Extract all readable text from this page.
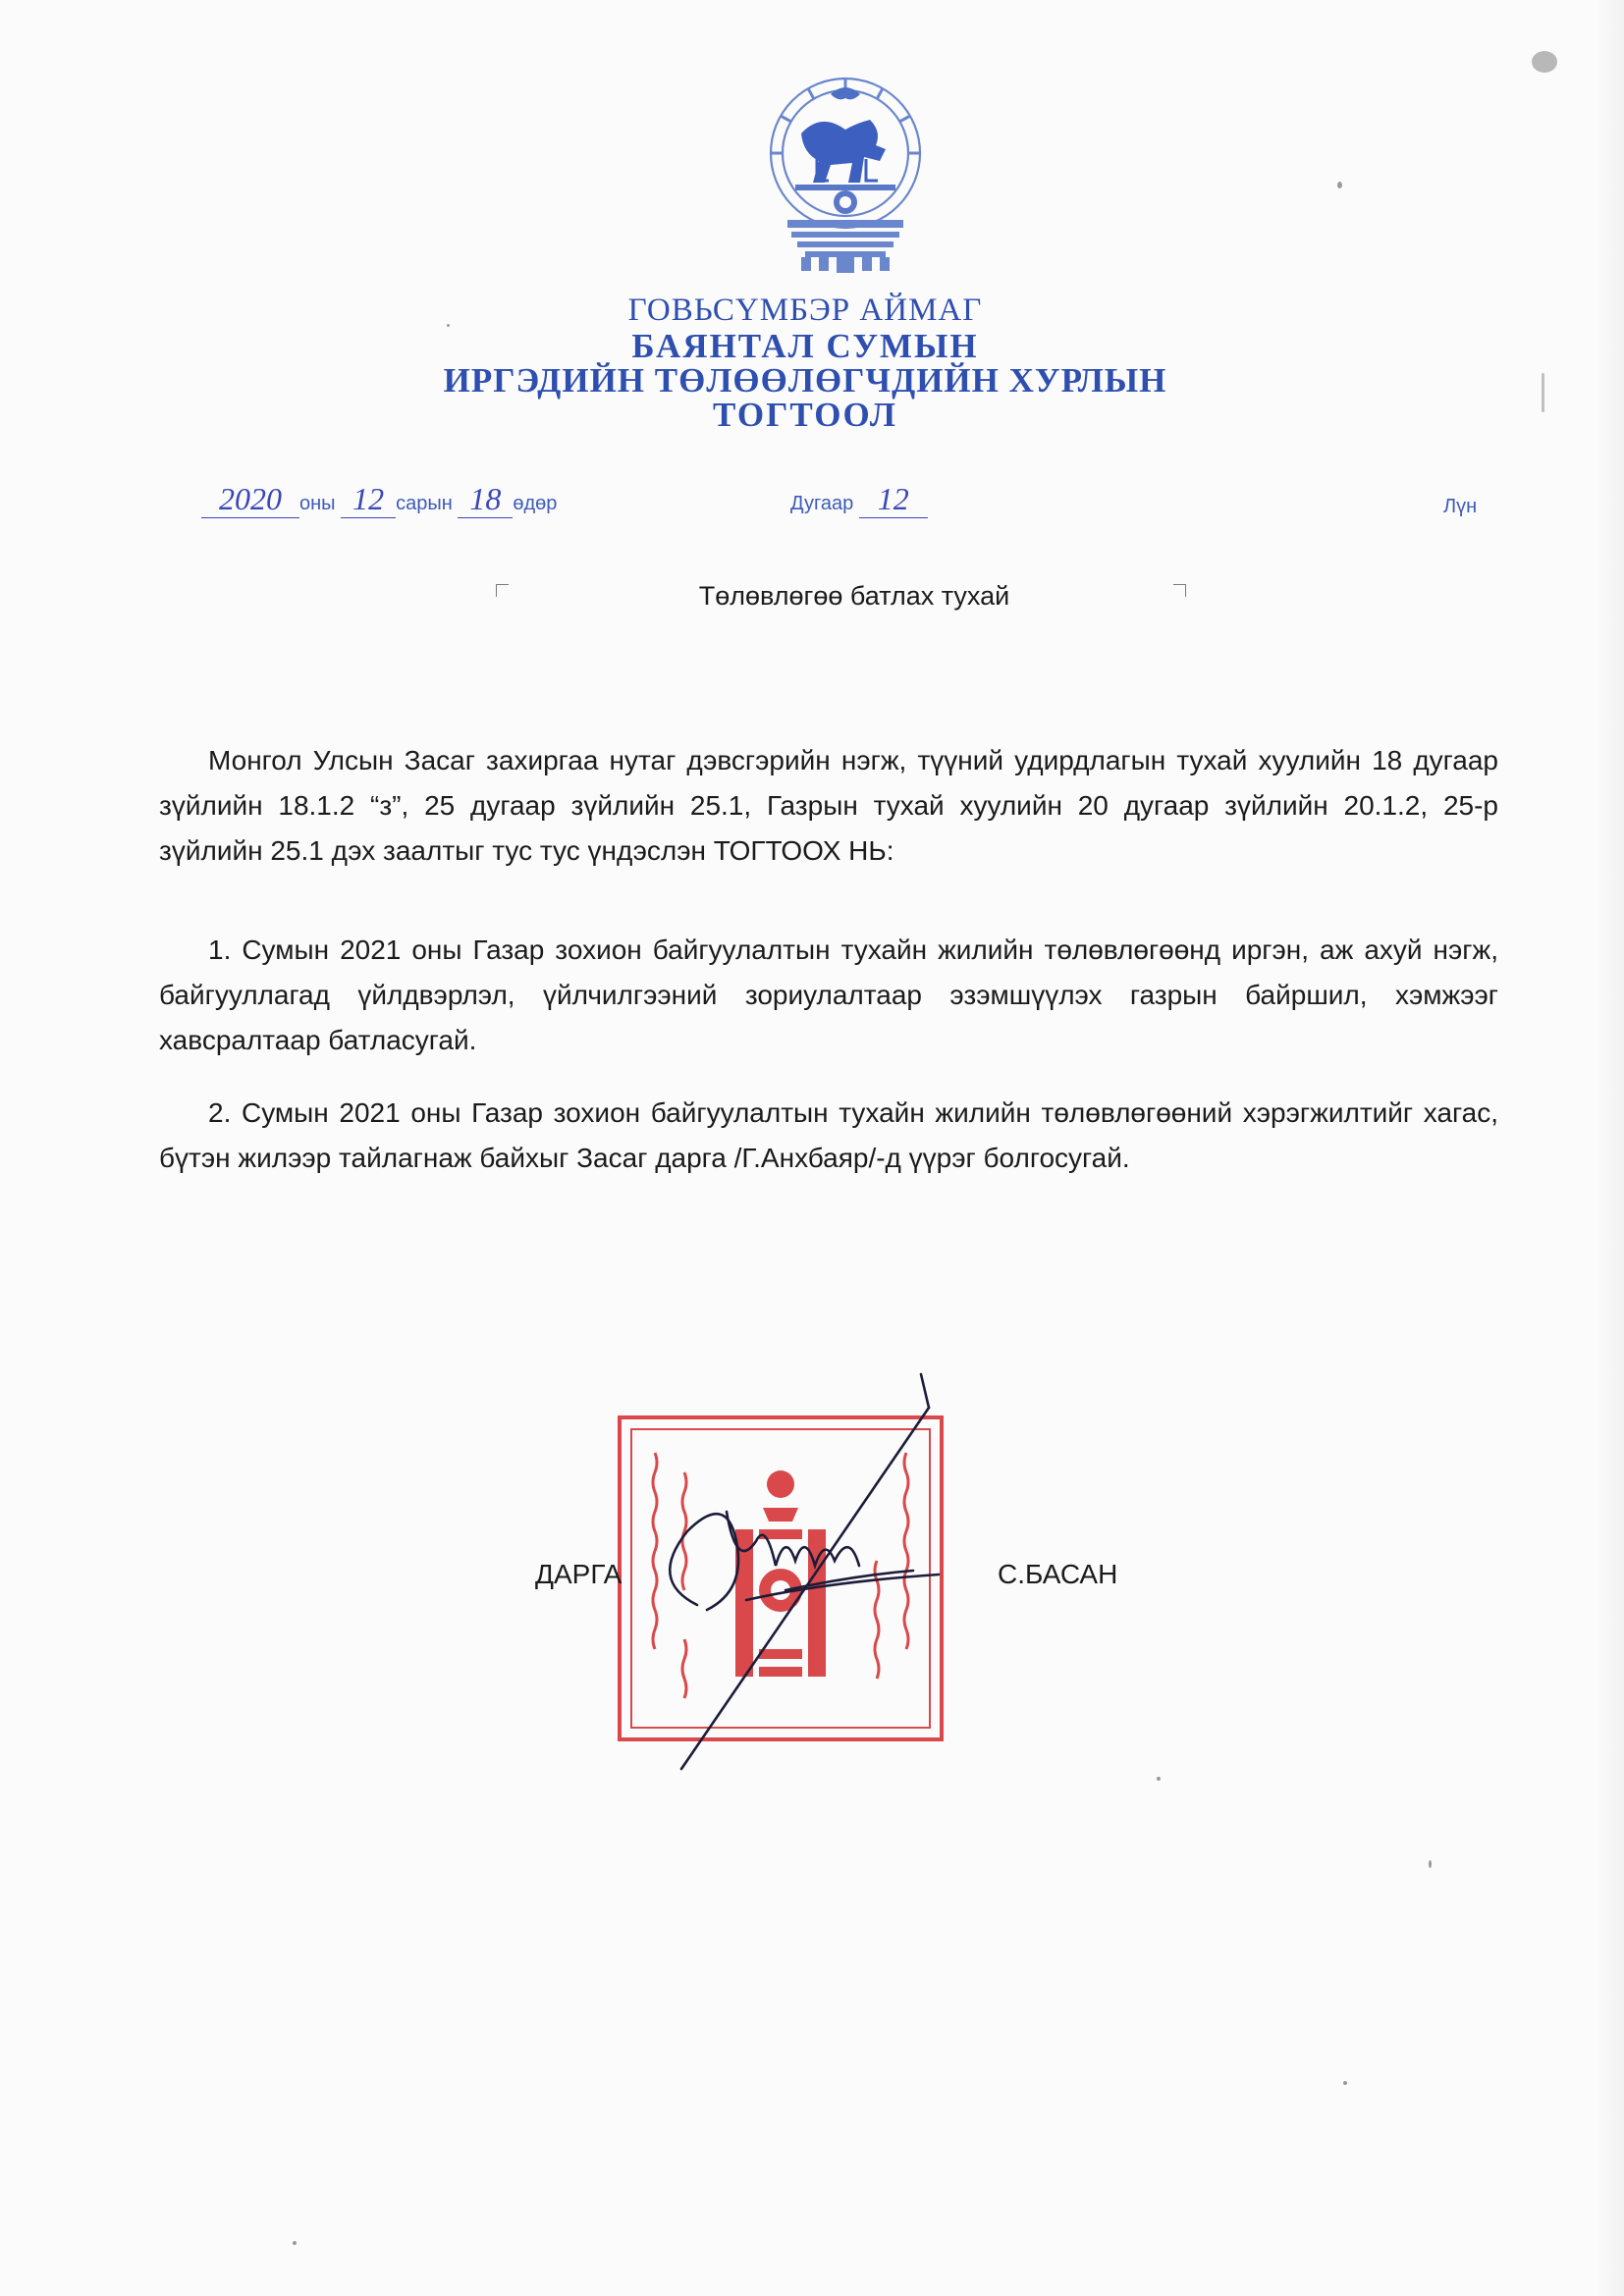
ГОВЬСҮМБЭР АЙМАГ
БАЯНТАЛ СУМЫН
ИРГЭДИЙН ТӨЛӨӨЛӨГЧДИЙН ХУРЛЫН
ТОГТООЛ
2020 оны 12 сарын 18 өдөр	Дугаар 12	Лүн
Төлөвлөгөө батлах тухай

Монгол Улсын Засаг захиргаа нутаг дэвсгэрийн нэгж, түүний удирдлагын тухай хуулийн 18 дугаар зүйлийн 18.1.2 “з”, 25 дугаар зүйлийн 25.1, Газрын тухай хуулийн 20 дугаар зүйлийн 20.1.2, 25-р зүйлийн 25.1 дэх заалтыг тус тус үндэслэн ТОГТООХ НЬ:

1. Сумын 2021 оны Газар зохион байгуулалтын тухайн жилийн төлөвлөгөөнд иргэн, аж ахуй нэгж, байгууллагад үйлдвэрлэл, үйлчилгээний зориулалтаар эзэмшүүлэх газрын байршил, хэмжээг хавсралтаар батласугай.

2. Сумын 2021 оны Газар зохион байгуулалтын тухайн жилийн төлөвлөгөөний хэрэгжилтийг хагас, бүтэн жилээр тайлагнаж байхыг Засаг дарга /Г.Анхбаяр/-д үүрэг болгосугай.

ДАРГА	С.БАСАН
